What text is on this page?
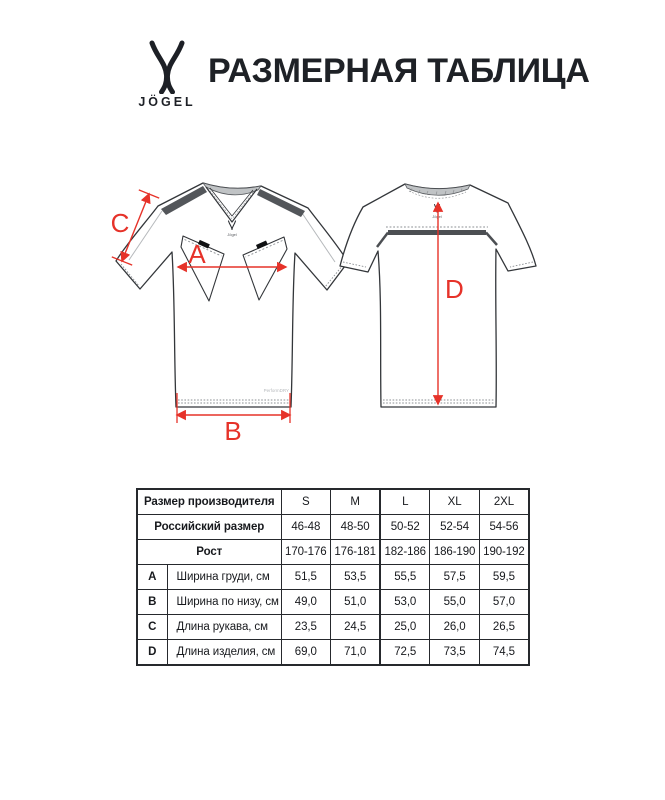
JÖGEL
РАЗМЕРНАЯ ТАБЛИЦА
Jögel
PerformDRY
Jögel
A
B
C
D
Размер производителя		S	M	L	XL	2XL
Российский размер		46-48	48-50	50-52	52-54	54-56
Рост		170-176	176-181	182-186	186-190	190-192
A	Ширина груди, см	51,5	53,5	55,5	57,5	59,5
B	Ширина по низу, см	49,0	51,0	53,0	55,0	57,0
C	Длина рукава, см	23,5	24,5	25,0	26,0	26,5
D	Длина изделия, см	69,0	71,0	72,5	73,5	74,5
